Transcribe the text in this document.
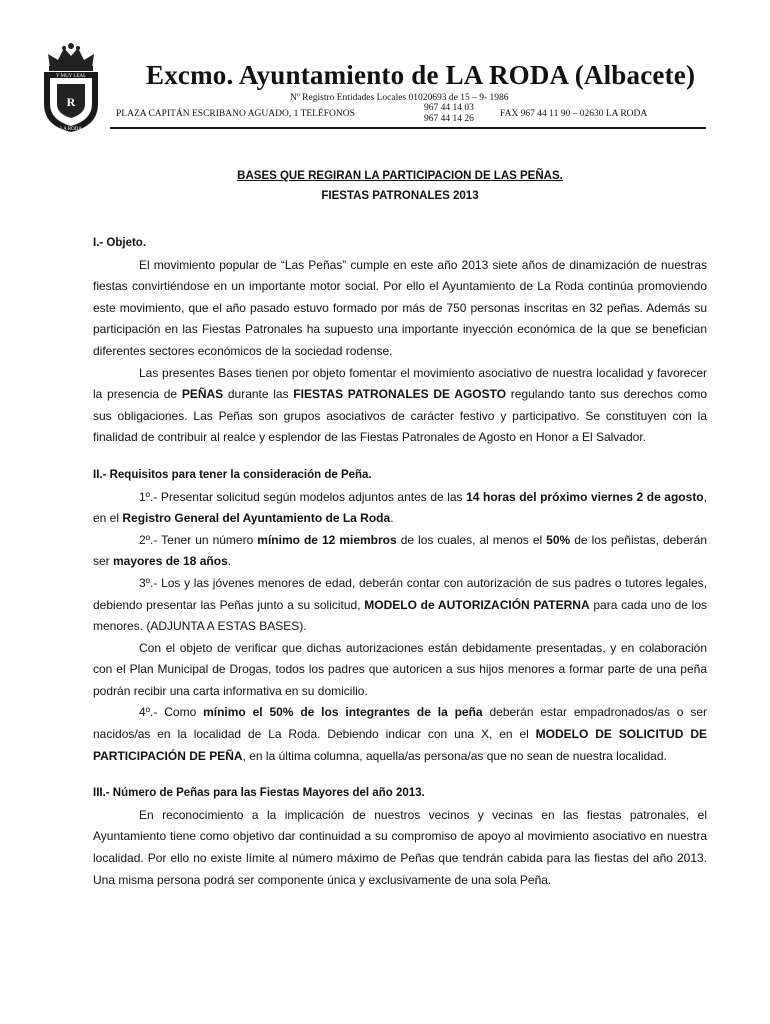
R
Y MUY LEAL
LA RODA
Excmo. Ayuntamiento de LA RODA (Albacete)
Nº Registro Entidades Locales 01020693 de 15 – 9- 1986
PLAZA CAPITÁN ESCRIBANO AGUADO, 1 TELÉFONOS
967 44 14 03
967 44 14 26	FAX 967 44 11 90 – 02630 LA RODA
BASES QUE REGIRAN LA PARTICIPACION DE LAS PEÑAS.
FIESTAS PATRONALES 2013

I.- Objeto.

El movimiento popular de “Las Peñas” cumple en este año 2013 siete años de dinamización de nuestras fiestas convirtiéndose en un importante motor social. Por ello el Ayuntamiento de La Roda continúa promoviendo este movimiento, que el año pasado estuvo formado por más de 750 personas inscritas en 32 peñas. Además su participación en las Fiestas Patronales ha supuesto una importante inyección económica de la que se benefician diferentes sectores económicos de la sociedad rodense.

Las presentes Bases tienen por objeto fomentar el movimiento asociativo de nuestra localidad y favorecer la presencia de PEÑAS durante las FIESTAS PATRONALES DE AGOSTO regulando tanto sus derechos como sus obligaciones. Las Peñas son grupos asociativos de carácter festivo y participativo. Se constituyen con la finalidad de contribuir al realce y esplendor de las Fiestas Patronales de Agosto en Honor a El Salvador.

II.- Requisitos para tener la consideración de Peña.

1º.- Presentar solicitud según modelos adjuntos antes de las 14 horas del próximo viernes 2 de agosto, en el Registro General del Ayuntamiento de La Roda.

2º.- Tener un número mínimo de 12 miembros de los cuales, al menos el 50% de los peñistas, deberán ser mayores de 18 años.

3º.- Los y las jóvenes menores de edad, deberán contar con autorización de sus padres o tutores legales, debiendo presentar las Peñas junto a su solicitud, MODELO de AUTORIZACIÓN PATERNA para cada uno de los menores. (ADJUNTA A ESTAS BASES).

Con el objeto de verificar que dichas autorizaciones están debidamente presentadas, y en colaboración con el Plan Municipal de Drogas, todos los padres que autoricen a sus hijos menores a formar parte de una peña podrán recibir una carta informativa en su domicilio.

4º.- Como mínimo el 50% de los integrantes de la peña deberán estar empadronados/as o ser nacidos/as en la localidad de La Roda. Debiendo indicar con una X, en el MODELO DE SOLICITUD DE PARTICIPACIÓN DE PEÑA, en la última columna, aquella/as persona/as que no sean de nuestra localidad.

III.- Número de Peñas para las Fiestas Mayores del año 2013.

En reconocimiento a la implicación de nuestros vecinos y vecinas en las fiestas patronales, el Ayuntamiento tiene como objetivo dar continuidad a su compromiso de apoyo al movimiento asociativo en nuestra localidad. Por ello no existe límite al número máximo de Peñas que tendrán cabida para las fiestas del año 2013. Una misma persona podrá ser componente única y exclusivamente de una sola Peña.
